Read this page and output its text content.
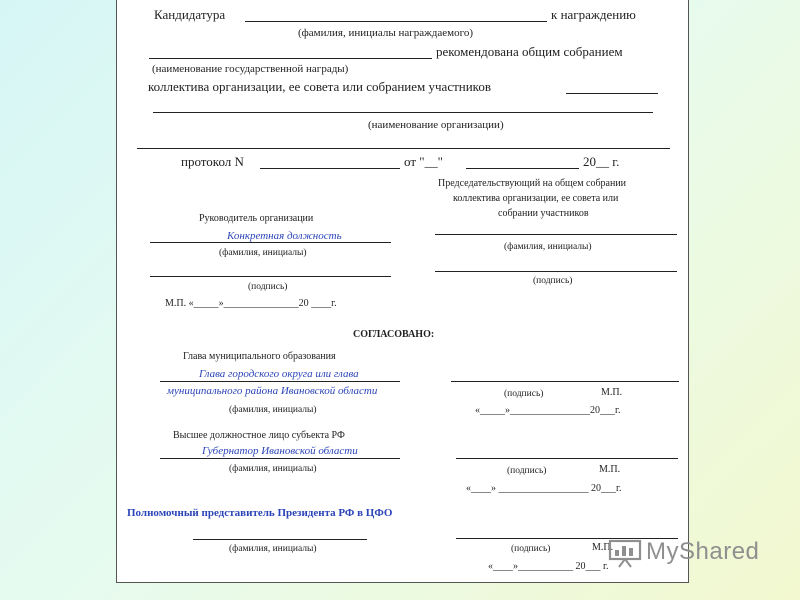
Кандидатура	к награждению
(фамилия, инициалы награждаемого)
рекомендована общим собранием
(наименование государственной награды)
коллектива организации, ее совета или собранием участников
(наименование организации)
протокол N	от "__"	20__ г.
Председательствующий на общем собрании
коллектива организации, ее совета или
собрании участников
(фамилия, инициалы)
(подпись)
Руководитель организации
Конкретная должность
(фамилия, инициалы)
(подпись)
М.П. «_____»_______________20 ____г.
СОГЛАСОВАНО:
Глава муниципального образования
Глава городского округа или глава
муниципального района Ивановской области
(фамилия, инициалы)
(подпись)	М.П.
«_____»________________20___г.
Высшее должностное лицо субъекта РФ
Губернатор Ивановской области
(фамилия, инициалы)	(подпись)	М.П.
«____» __________________ 20___г.
Полномочный представитель Президента РФ в ЦФО
(фамилия, инициалы)	(подпись)	М.П.
«____»___________ 20___ г.
MyShared
